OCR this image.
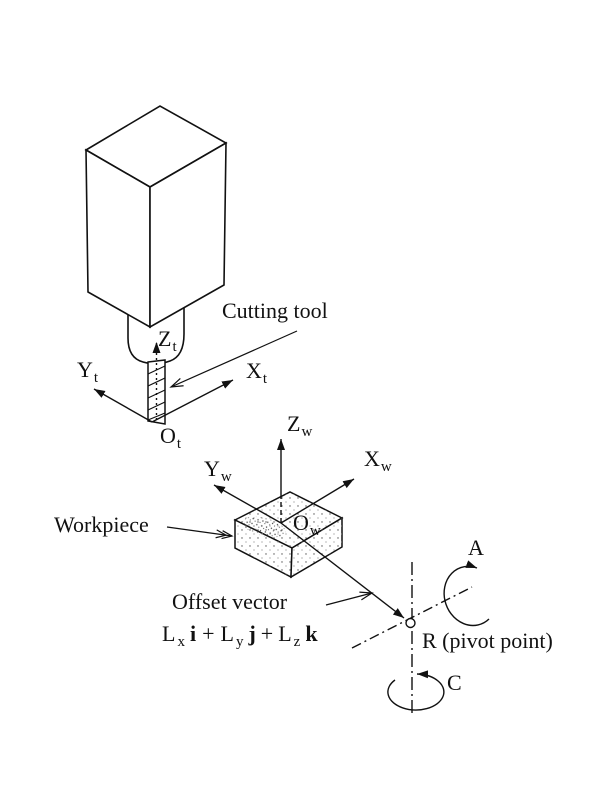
$Z_t$
$Y_t$	$X_t$
$O_t$
Cutting tool
$Z_w$
$Y_w$
$X_w$
$O_w$
Workpiece
Offset vector
L $_x$ i + L $_y$ j + L $_z$ k
A
C
R (pivot point)
